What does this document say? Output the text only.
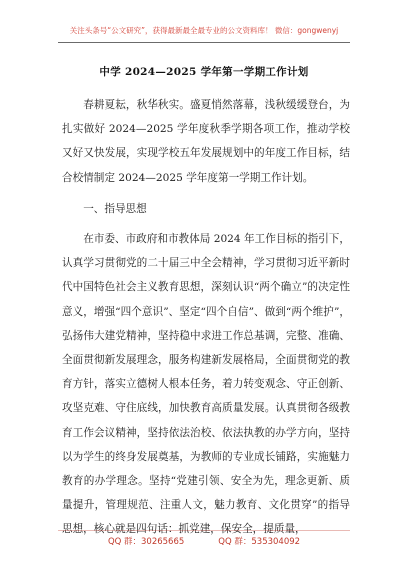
关注头条号“公文研究”，获得最新最全最专业的公文资料库！ 微信：gongwenyj
中学 2024—2025 学年第一学期工作计划
春耕夏耘，秋华秋实。盛夏悄然落幕，浅秋缓缓登台，为扎实做好 2024—2025 学年度秋季学期各项工作，推动学校又好又快发展，实现学校五年发展规划中的年度工作目标，结合校情制定 2024—2025 学年度第一学期工作计划。
一、指导思想
在市委、市政府和市教体局 2024 年工作目标的指引下，认真学习贯彻党的二十届三中全会精神，学习贯彻习近平新时代中国特色社会主义教育思想，深刻认识“两个确立”的决定性意义，增强“四个意识”、坚定“四个自信”、做到“两个维护”，弘扬伟大建党精神，坚持稳中求进工作总基调，完整、准确、全面贯彻新发展理念，服务构建新发展格局，全面贯彻党的教育方针，落实立德树人根本任务，着力转变观念、守正创新、攻坚克难、守住底线，加快教育高质量发展。认真贯彻各级教育工作会议精神，坚持依法治校、依法执教的办学方向，坚持以为学生的终身发展奠基，为教师的专业成长铺路，实施魅力教育的办学理念。坚持“党建引领、安全为先，理念更新、质量提升，管理规范、注重人文，魅力教育、文化贯穿”的指导思想，核心就是四句话：抓党建，保安全，提质量，
QQ 群：30265665	QQ 群：535304092
